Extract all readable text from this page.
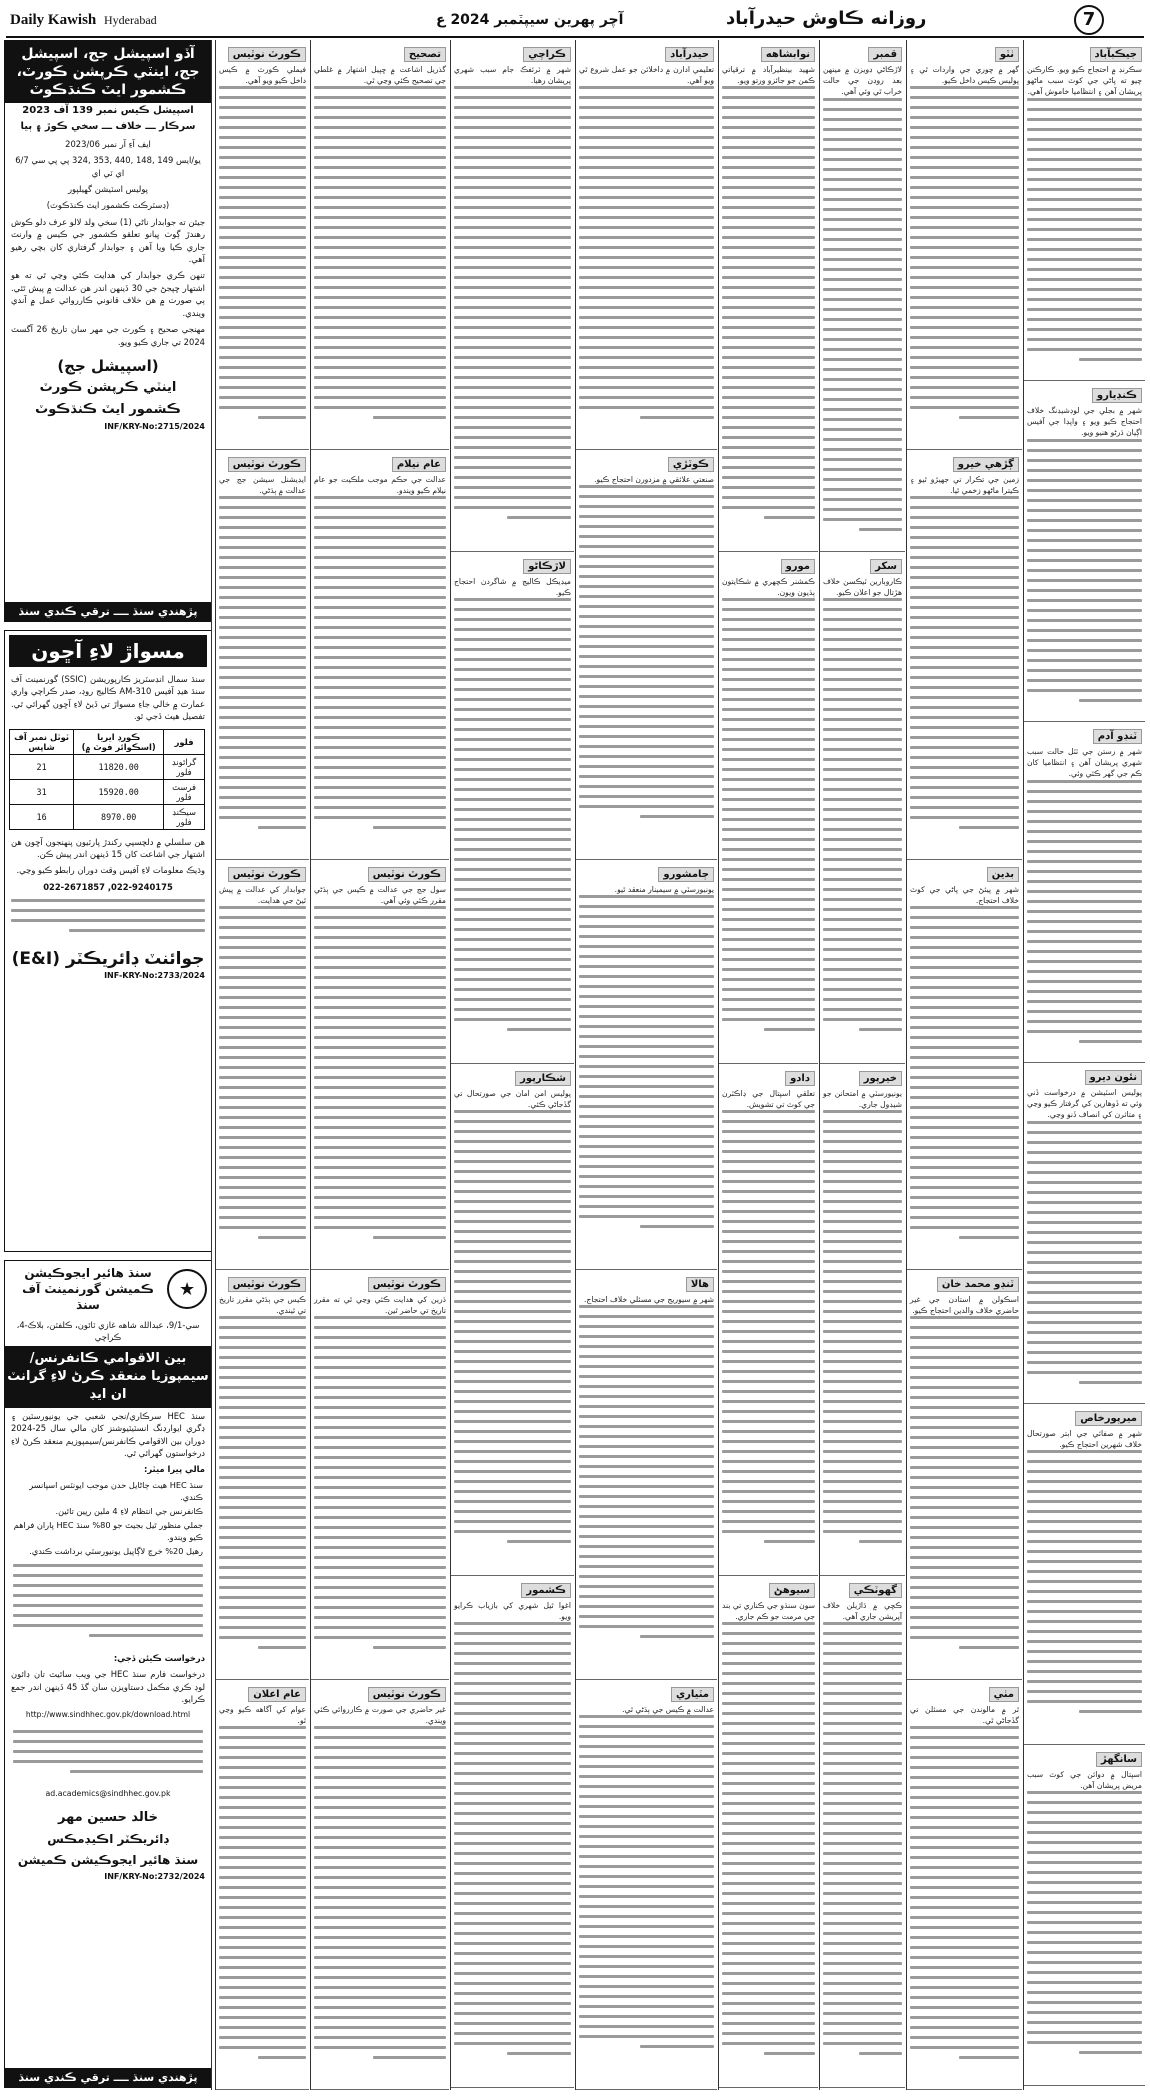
Daily Kawish Hyderabad	آچر پهرين سيپٽمبر 2024 ع	روزانه ڪاوش حيدرآباد	7
جيڪبآباد

سڪرنڊ ۾ احتجاج ڪيو ويو. ڪارڪنن چيو ته پاڻي جي کوٽ سبب ماڻهو پريشان آهن ۽ انتظاميا خاموش آهي.

ڪنڊيارو

شهر ۾ بجلي جي لوڊشيڊنگ خلاف احتجاج ڪيو ويو ۽ واپڊا جي آفيس اڳيان ڌرڻو هنيو ويو.

ٽنڊو آدم

شهر ۾ رستن جي ٽٽل حالت سبب شهري پريشان آهن ۽ انتظاميا کان ڪم جي گهر ڪئي وئي.

نئون ديرو

پوليس اسٽيشن ۾ درخواست ڏني وئي ته ڏوهارين کي گرفتار ڪيو وڃي ۽ متاثرن کي انصاف ڏنو وڃي.

ميرپورخاص

شهر ۾ صفائي جي ابتر صورتحال خلاف شهرين احتجاج ڪيو.

سانگهڙ

اسپتال ۾ دوائن جي کوٽ سبب مريض پريشان آهن.

ٺٽو

گهر ۾ چوري جي واردات ٿي ۽ پوليس ڪيس داخل ڪيو.

ڳڙهي خيرو

زمين جي تڪرار تي جهيڙو ٿيو ۽ ڪيترا ماڻهو زخمي ٿيا.

بدين

شهر ۾ پيئڻ جي پاڻي جي کوٽ خلاف احتجاج.

ٽنڊو محمد خان

اسڪولن ۾ استادن جي غير حاضري خلاف والدين احتجاج ڪيو.

مٺي

ٿر ۾ مالوندن جي مسئلن تي گڏجاڻي ٿي.

قمبر

لاڙڪاڻي ڊويزن ۾ مينهن بعد روڊن جي حالت خراب ٿي وئي آهي.

سکر

ڪاروبارين ٽيڪسن خلاف هڙتال جو اعلان ڪيو.

خيرپور

يونيورسٽي ۾ امتحانن جو شيڊول جاري.

گهوٽڪي

ڪچي ۾ ڌاڙيلن خلاف آپريشن جاري آهي.

نوابشاهه

شهيد بينظيرآباد ۾ ترقياتي ڪمن جو جائزو ورتو ويو.

مورو

ڪمشنر ڪچهري ۾ شڪايتون ٻڌيون ويون.

دادو

تعلقي اسپتال جي ڊاڪٽرن جي کوٽ تي تشويش.

سيوهڻ

سون سنڌو جي ڪناري تي بند جي مرمت جو ڪم جاري.

حيدرآباد

تعليمي ادارن ۾ داخلائن جو عمل شروع ٿي ويو آهي.

ڪوٽڙي

صنعتي علائقي ۾ مزدورن احتجاج ڪيو.

ڄامشورو

يونيورسٽي ۾ سيمينار منعقد ٿيو.

هالا

شهر ۾ سيوريج جي مسئلي خلاف احتجاج.

مٽياري

عدالت ۾ ڪيس جي ٻڌڻي ٿي.

ڪراچي

شهر ۾ ٽرئفڪ جام سبب شهري پريشان رهيا.

لاڙڪاڻو

ميڊيڪل ڪاليج ۾ شاگردن احتجاج ڪيو.

شڪارپور

پوليس امن امان جي صورتحال تي گڏجاڻي ڪئي.

ڪشمور

اغوا ٿيل شهري کي بازياب ڪرايو ويو.

تصحيح

گذريل اشاعت ۾ ڇپيل اشتهار ۾ غلطي جي تصحيح ڪئي وڃي ٿي.

عام نيلام

عدالت جي حڪم موجب ملڪيت جو عام نيلام ڪيو ويندو.

ڪورٽ نوٽيس

سول جج جي عدالت ۾ ڪيس جي ٻڌڻي مقرر ڪئي وئي آهي.

ڪورٽ نوٽيس

ڌرين کي هدايت ڪئي وڃي ٿي ته مقرر تاريخ تي حاضر ٿين.

ڪورٽ نوٽيس

غير حاضري جي صورت ۾ ڪارروائي ڪئي ويندي.

ڪورٽ نوٽيس

فيملي ڪورٽ ۾ ڪيس داخل ڪيو ويو آهي.

ڪورٽ نوٽيس

ايڊيشنل سيشن جج جي عدالت ۾ ٻڌڻي.

ڪورٽ نوٽيس

جوابدار کي عدالت ۾ پيش ٿيڻ جي هدايت.

ڪورٽ نوٽيس

ڪيس جي ٻڌڻي مقرر تاريخ تي ٿيندي.

عام اعلان

عوام کي آگاهه ڪيو وڃي ٿو.

آڏو اسپيشل جج، اسپيشل جج، اينٽي ڪرپشن ڪورٽ، ڪشمور ايٽ ڪنڌڪوٽ
اسپيشل ڪيس نمبر 139 آف 2023
سرڪار ـــ خلاف ـــ سخي ڪوڙ ۽ ٻيا
ايف آءِ آر نمبر 2023/06
يو/ايس 149 ,148 ,440 ,353 ,324 پي پي سي 6/7 اي ٽي اي
پوليس اسٽيشن گهيلپور
(ڊسٽرڪٽ ڪشمور ايٽ ڪنڌڪوٽ)
جيئن ته جوابدار ناڻي (1) سخي ولد لالو عرف دلو ڪوش رهندڙ ڳوٺ ڀيانو تعلقو ڪشمور جي ڪيس ۾ وارنٽ جاري ڪيا ويا آهن ۽ جوابدار گرفتاري کان بچي رهيو آهي.
تنهن ڪري جوابدار کي هدايت ڪئي وڃي ٿي ته هو اشتهار ڇپجڻ جي 30 ڏينهن اندر هن عدالت ۾ پيش ٿئي. ٻي صورت ۾ هن خلاف قانوني ڪارروائي عمل ۾ آندي ويندي.
مهنجي صحيح ۽ ڪورٽ جي مهر سان تاريخ 26 آگسٽ 2024 تي جاري ڪيو ويو.
(اسپيشل جج)
اينٽي ڪرپشن ڪورٽ
ڪشمور ايٽ ڪنڌڪوٽ
INF/KRY-No:2715/2024
پڙهندي سنڌ ــــ ترقي ڪندي سنڌ
مسواڙ لاءِ آڇون
سنڌ سمال انڊسٽريز ڪارپوريشن (SSIC) گورنمينٽ آف سنڌ هيڊ آفيس 310-AM ڪاليج روڊ، صدر ڪراچي واري عمارت ۾ خالي جاءِ مسواڙ تي ڏيڻ لاءِ آڇون گهرائي ٿي. تفصيل هيٺ ڏجي ٿو.
فلور	ڪورڊ ايريا (اسڪوائر فوٽ ۾)	ٽوٽل نمبر آف شاپس
گرائونڊ فلور	11820.00	21
فرسٽ فلور	15920.00	31
سيڪنڊ فلور	8970.00	16
هن سلسلي ۾ دلچسپي رکندڙ پارٽيون پنهنجون آڇون هن اشتهار جي اشاعت کان 15 ڏينهن اندر پيش ڪن.
وڌيڪ معلومات لاءِ آفيس وقت دوران رابطو ڪيو وڃي.
022-2671857 ,022-9240175
جوائنٽ ڊائريڪٽر (E&I)
INF-KRY-No:2733/2024
★
سنڌ هائير ايجوڪيشن ڪميشن گورنمينٽ آف سنڌ
سي-9/1، عبدالله شاهه غازي ٽائون، ڪلفٽن، بلاڪ-4، ڪراچي
بين الاقوامي ڪانفرنس/سيمپوزيا منعقد ڪرڻ لاءِ گرانٽ ان ايڊ
سنڌ HEC سرڪاري/نجي شعبي جي يونيورسٽين ۽ ڊگري ايوارڊنگ انسٽيٽيوشنز کان مالي سال 25-2024 دوران بين الاقوامي ڪانفرنس/سيمپوزيم منعقد ڪرڻ لاءِ درخواستون گهرائي ٿي.
مالي پيرا ميٽر:
سنڌ HEC هيٺ ڄاڻايل حدن موجب ايونٽس اسپانسر ڪندي.
ڪانفرنس جي انتظام لاءِ 4 ملين رپين تائين.
جملي منظور ٿيل بجيٽ جو 80% سنڌ HEC پاران فراهم ڪيو ويندو.
رهيل 20% خرچ لاڳاپيل يونيورسٽي برداشت ڪندي.
درخواست ڪيئن ڏجي:
درخواست فارم سنڌ HEC جي ويب سائيٽ تان ڊائون لوڊ ڪري مڪمل دستاويزن سان گڏ 45 ڏينهن اندر جمع ڪرايو.
http://www.sindhhec.gov.pk/download.html
ad.academics@sindhhec.gov.pk
خالد حسين مهر
ڊائريڪٽر اڪيڊمڪس
سنڌ هائير ايجوڪيشن ڪميشن
INF/KRY-No:2732/2024
پڙهندي سنڌ ــــ ترقي ڪندي سنڌ
